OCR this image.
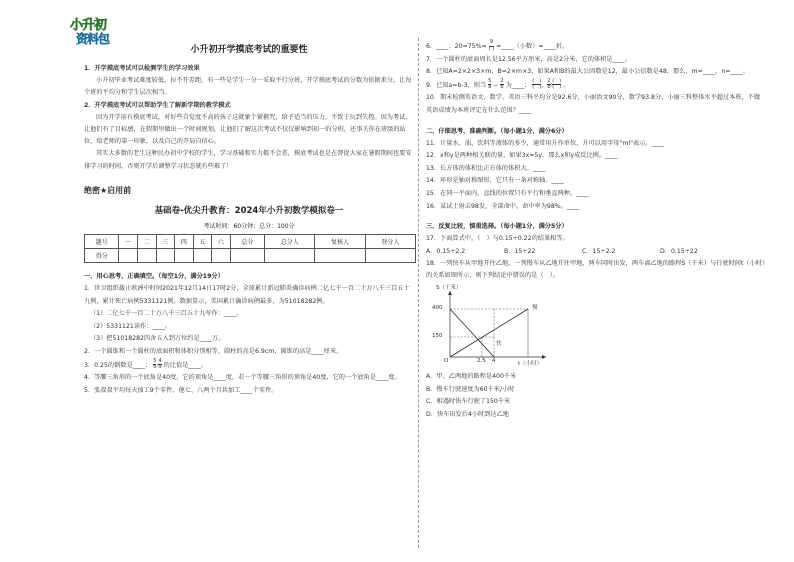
小升初
资料包
小升初开学摸底考试的重要性
1．开学摸底考试可以检测学生的学习效果
小升初毕业考试难度较低，拉不开差距，有一些是学生一分一采取平行分班，开学摸底考试的分数为依据来分，让每个班的平均分和学生层次相当。
2．开学摸底考试可以帮助学生了解新学期的教学模式
因为开学前有摸底考试，对好些自觉度不高的孩子这就象个紧箍咒，给予适当的压力，不致于玩到失控。因为考试，让他们有了目标感，在假期里做出一个时间规划，让他们了解这次考试不仅仅影响到初一的分班，还事关你在班级的站位，给老师的第一印象，以及自己的开局自信心。
其实大多数的老生这种民办初中学校的学生，学习基础和实力都不会差，摸底考试也是在督促大家在暑假期间也要安排学习的时间，否则开学后调整学习状态就有些难了！
绝密★启用前
基础卷-优尖升教育：2024年小升初数学模拟卷一
考试时间：60分钟；总分：100分
题号	一	二	三	四	五	六	总分	总分人	复核人	登分人
得分										
一、用心思考，正确填空。（每空1分，满分19分）
1．世卫组织截止欧洲中时间2021年12月14日17时2分，全球累计新冠肺炎确诊病例二亿七千一百二十万八千三百五十九例，累计死亡病例5331121例。数据显示，美国累计确诊病例最多，为51018282例。
（1）二亿七千一百二十万八千三百五十九写作：____。
（2）5331121读作：____。
（3）把51018282四舍五入到万位约是____万。
2．一个圆锥和一个圆柱的底面积和体积分别相等，圆柱的高是6.9cm，圆锥的高是____厘米。
3．0.25的倒数是____； $\frac{5}{6}$ : $\frac{4}{9}$ 的比值是____。
4．等腰三角形的一个底角是40度，它的顶角是____度，若一个等腰三角形的顶角是40度，它的一个底角是____度。
5．张叔叔平均每天加工9个零件，他七、八两个月共加工____个零件。
6．____：$20=75\%= \frac{9}{( )}$ =____（小数）=____折。
7．一个圆柱的底面周长是12.56平方厘米，高是2分米，它的体积是____。
8．已知A=2×2×3×m，B=2×m×3，如果A和B的最大公因数是12，最小公倍数是48，那么，m=____，n=____。
9．已知a=b-3，则当 $\frac{5}{a} - \frac{2}{b}$ 为____； $\frac{( )}{( )}$ ， $\frac{2}{b}$ ∶ $\frac{( )}{( )}$ 。
10．期末检测英语文、数学、英语三科平均分是92.6分，小丽语文90分，数学93.8分，小丽三科整体水平超过本班，不做英语成绩为本班评定在什么范围？____
二、仔细思考，准确判断。（每小题1分，满分6分）
11．计量水、油、饮料等液体的多少，通常用升作单位，升可以用字母"ml"表示。____
12．x和y是两种相关联的量，如果3x=5y，那么x和y成反比例。____
13．长方体的体积比正方体的体积大。____
14．环形是轴对称图形，它只有一条对称轴。____
15．在同一平面内，直线的位置只有平行和垂直两种。____
16．某试士射击98发，全部命中，命中率为98%。____
三、反复比较，慎重选择。（每小题1分，满分5分）
17．下面算式中，（　）与0.15÷0.22的结果相等。
A．0.15÷2.2	B．15÷22	C．15÷2.2	D．0.15÷22
18．一列快车从甲地开往乙地，一列慢车从乙地开往甲地，两车同时出发，两车离乙地的路程S（千米）与行驶时间t（小时）的关系如图所示，则下列结论中错误的是（　）。
S（千米）
t（小时）
400
150
O	2.5 4
慢
快
A．甲、乙两地的路程是400千米
B．慢车行驶速度为60千米/小时
C．相遇时快车行驶了150千米
D．快车出发后4小时到达乙地
